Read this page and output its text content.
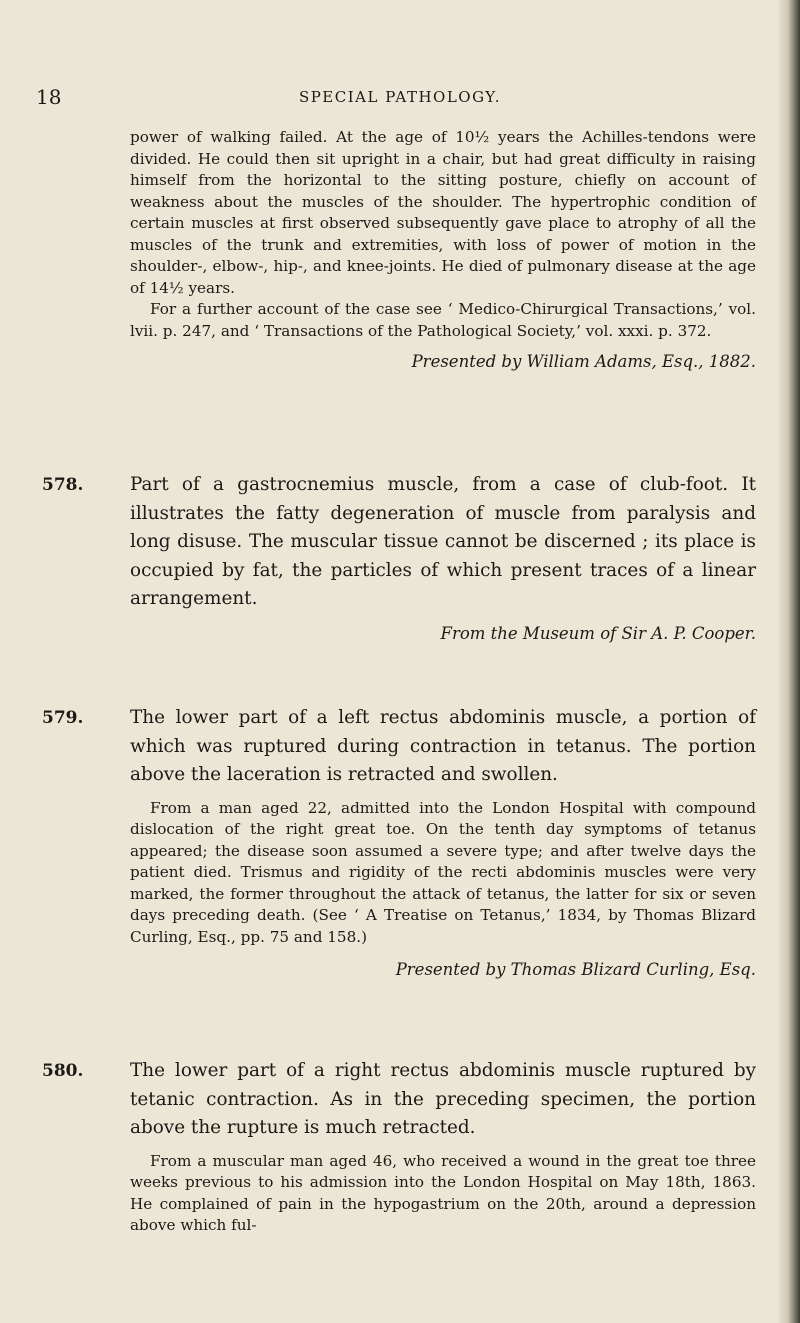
18	SPECIAL PATHOLOGY.

power of walking failed. At the age of 10½ years the Achilles-tendons were divided. He could then sit upright in a chair, but had great difficulty in raising himself from the horizontal to the sitting posture, chiefly on account of weakness about the muscles of the shoulder. The hypertrophic condition of certain muscles at first observed subsequently gave place to atrophy of all the muscles of the trunk and extremities, with loss of power of motion in the shoulder-, elbow-, hip-, and knee-joints. He died of pulmonary disease at the age of 14½ years.

For a further account of the case see ‘ Medico-Chirurgical Transactions,’ vol. lvii. p. 247, and ‘ Transactions of the Pathological Society,’ vol. xxxi. p. 372.

Presented by William Adams, Esq., 1882.

578.	Part of a gastrocnemius muscle, from a case of club-foot. It illustrates the fatty degeneration of muscle from paralysis and long disuse. The muscular tissue cannot be discerned ; its place is occupied by fat, the particles of which present traces of a linear arrangement.

From the Museum of Sir A. P. Cooper.

579.	The lower part of a left rectus abdominis muscle, a portion of which was ruptured during contraction in tetanus. The portion above the laceration is retracted and swollen.

From a man aged 22, admitted into the London Hospital with compound dislocation of the right great toe. On the tenth day symptoms of tetanus appeared; the disease soon assumed a severe type; and after twelve days the patient died. Trismus and rigidity of the recti abdominis muscles were very marked, the former throughout the attack of tetanus, the latter for six or seven days preceding death. (See ‘ A Treatise on Tetanus,’ 1834, by Thomas Blizard Curling, Esq., pp. 75 and 158.)

Presented by Thomas Blizard Curling, Esq.

580.	The lower part of a right rectus abdominis muscle ruptured by tetanic contraction. As in the preceding specimen, the portion above the rupture is much retracted.

From a muscular man aged 46, who received a wound in the great toe three weeks previous to his admission into the London Hospital on May 18th, 1863. He complained of pain in the hypogastrium on the 20th, around a depression above which ful-
